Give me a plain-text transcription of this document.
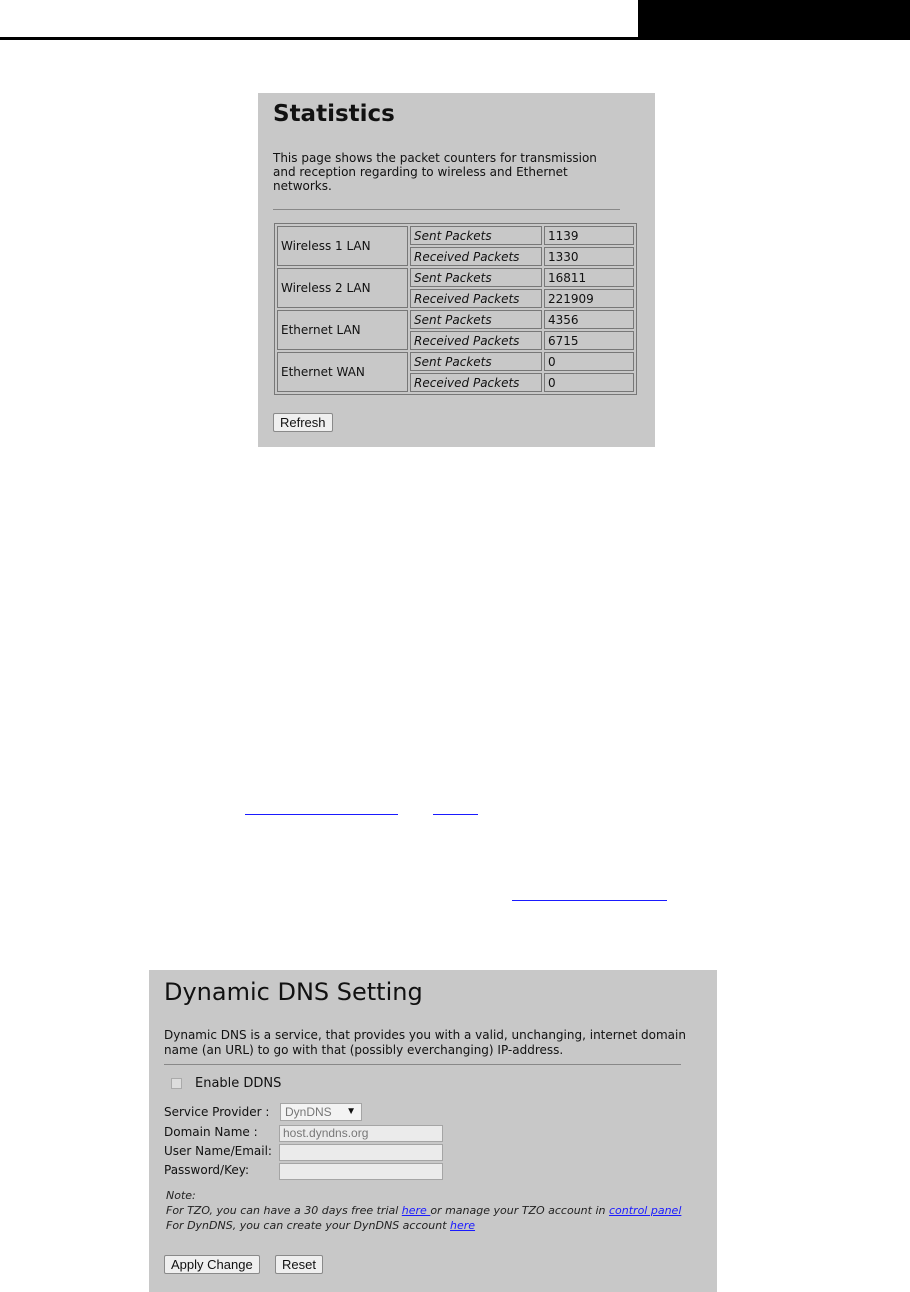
Statistics
This page shows the packet counters for transmission and reception regarding to wireless and Ethernet networks.
Wireless 1 LAN	Sent Packets	1139
	Received Packets	1330
Wireless 2 LAN	Sent Packets	16811
	Received Packets	221909
Ethernet LAN	Sent Packets	4356
	Received Packets	6715
Ethernet WAN	Sent Packets	0
	Received Packets	0
Refresh
Dynamic DNS Setting
Dynamic DNS is a service, that provides you with a valid, unchanging, internet domain name (an URL) to go with that (possibly everchanging) IP-address.
Enable DDNS
Service Provider :	DynDNS ▼
Domain Name :	host.dyndns.org
User Name/Email:
Password/Key:
Note:
For TZO, you can have a 30 days free trial here or manage your TZO account in control panel
For DynDNS, you can create your DynDNS account here
Apply Change	Reset
